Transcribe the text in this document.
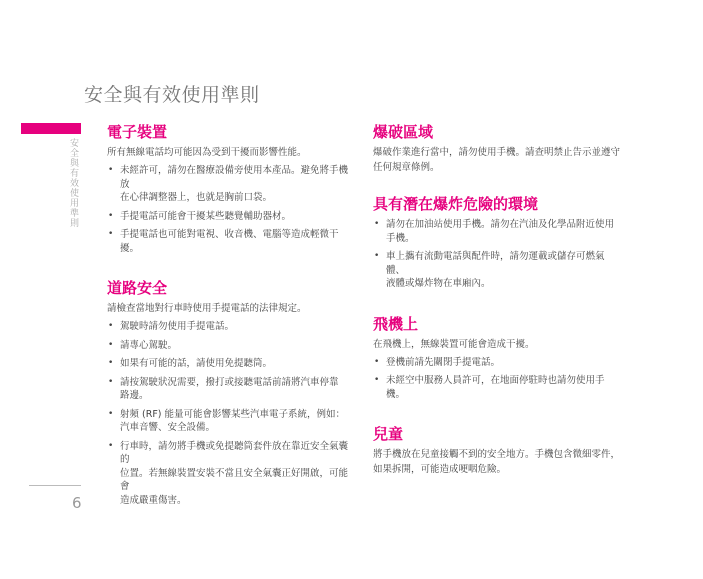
安全與有效使用準則
安全與有效使用準則
6
電子裝置

所有無線電話均可能因為受到干擾而影響性能。

• 未經許可，請勿在醫療設備旁使用本產品。避免將手機放
在心律調整器上，也就是胸前口袋。
• 手提電話可能會干擾某些聽覺輔助器材。
• 手提電話也可能對電視、收音機、電腦等造成輕微干擾。
道路安全

請檢查當地對行車時使用手提電話的法律規定。

• 駕駛時請勿使用手提電話。
• 請專心駕駛。
• 如果有可能的話，請使用免提聽筒。
• 請按駕駛狀況需要，撥打或接聽電話前請將汽車停靠
路邊。
• 射頻 (RF) 能量可能會影響某些汽車電子系統，例如：
汽車音響、安全設備。
• 行車時，請勿將手機或免提聽筒套件放在靠近安全氣囊的
位置。若無線裝置安裝不當且安全氣囊正好開啟，可能會
造成嚴重傷害。
爆破區域

爆破作業進行當中，請勿使用手機。請查明禁止告示並遵守
任何規章條例。

具有潛在爆炸危險的環境
• 請勿在加油站使用手機。請勿在汽油及化學品附近使用
手機。
• 車上攜有流動電話與配件時，請勿運載或儲存可燃氣體、
液體或爆炸物在車廂內。
飛機上

在飛機上，無線裝置可能會造成干擾。

• 登機前請先關閉手提電話。
• 未經空中服務人員許可，在地面停駐時也請勿使用手機。
兒童

將手機放在兒童接觸不到的安全地方。手機包含微細零件，
如果拆開，可能造成哽咽危險。
